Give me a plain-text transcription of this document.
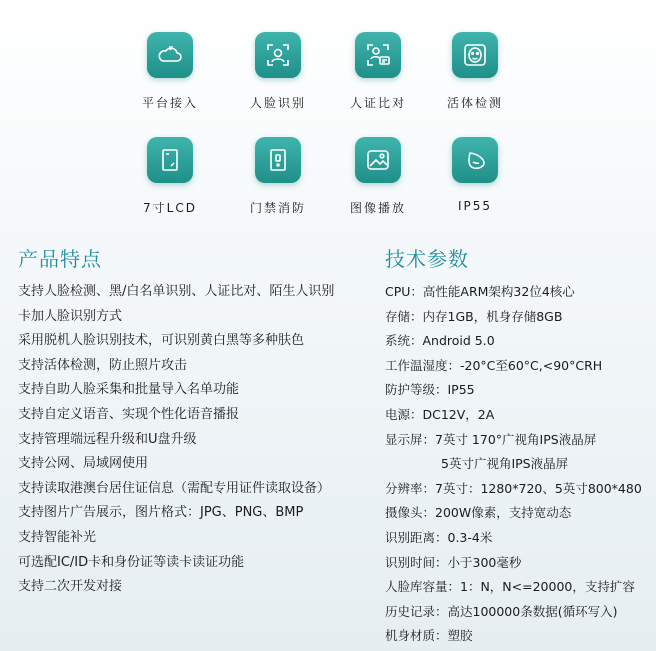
平台接入	人脸识别	人证比对	活体检测
7寸LCD	门禁消防	图像播放	IP55
产品特点	技术参数
支持人脸检测、黑/白名单识别、人证比对、陌生人识别
卡加人脸识别方式
采用脱机人脸识别技术，可识别黄白黑等多种肤色
支持活体检测，防止照片攻击
支持自助人脸采集和批量导入名单功能
支持自定义语音、实现个性化语音播报
支持管理端远程升级和U盘升级
支持公网、局域网使用
支持读取港澳台居住证信息（需配专用证件读取设备）
支持图片广告展示，图片格式：JPG、PNG、BMP
支持智能补光
可选配IC/ID卡和身份证等读卡读证功能
支持二次开发对接
CPU：高性能ARM架构32位4核心
存储：内存1GB，机身存储8GB
系统：Android 5.0
工作温湿度：-20°C至60°C,<90°CRH
防护等级：IP55
电源：DC12V，2A
显示屏：7英寸 170°广视角IPS液晶屏
5英寸广视角IPS液晶屏
分辨率：7英寸：1280*720、5英寸800*480
摄像头：200W像素，支持宽动态
识别距离：0.3-4米
识别时间：小于300毫秒
人脸库容量：1：N，N<=20000，支持扩容
历史记录：高达100000条数据(循环写入)
机身材质：塑胶
